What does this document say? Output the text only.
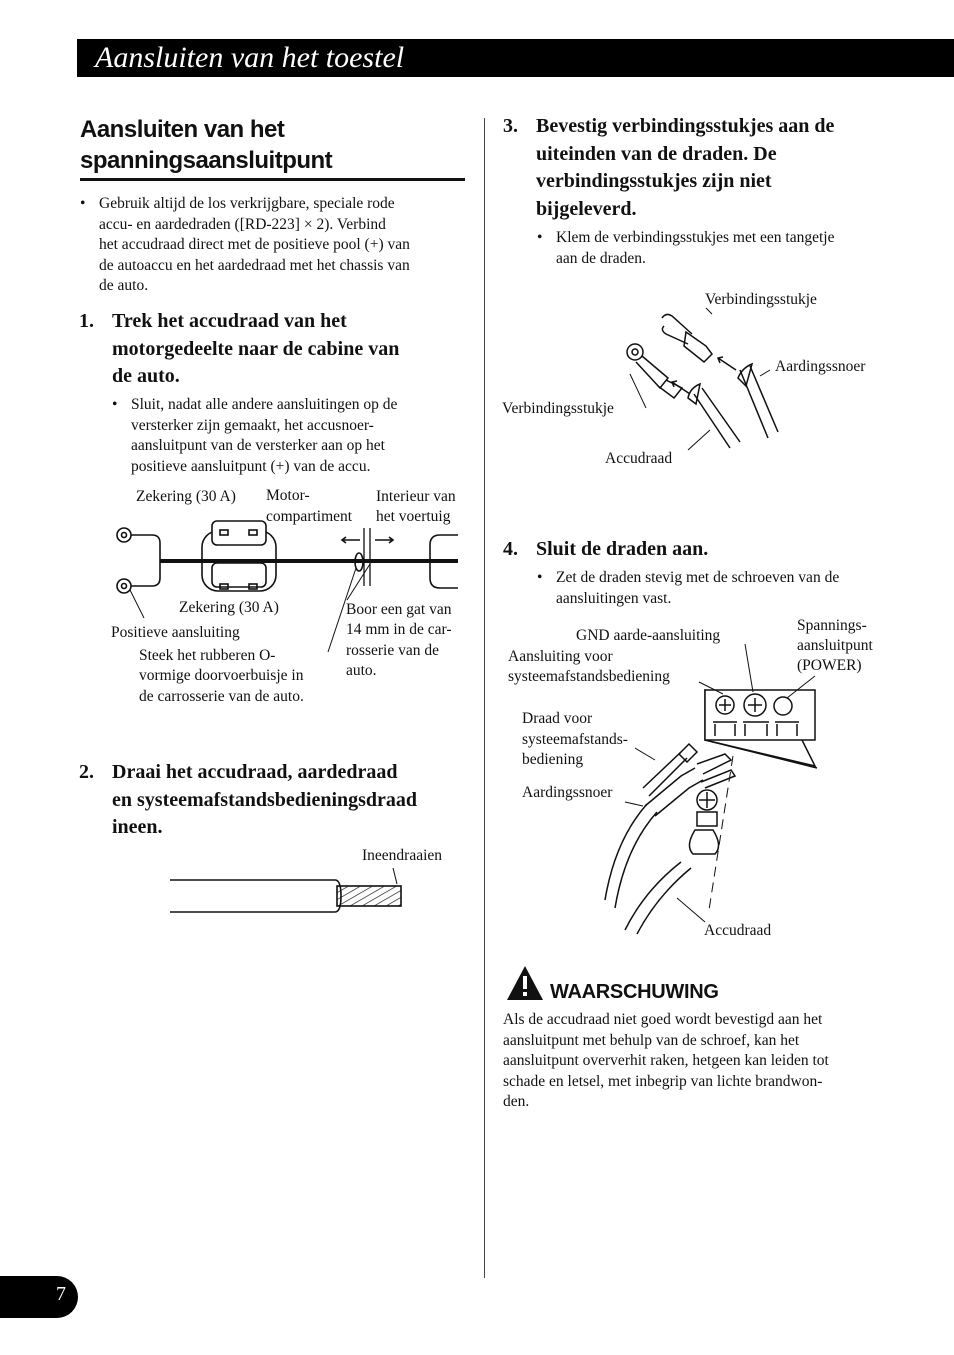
Aansluiten van het toestel
Aansluiten van het
spanningsaansluitpunt
• Gebruik altijd de los verkrijgbare, speciale rode
accu- en aardedraden ([RD-223] × 2). Verbind
het accudraad direct met de positieve pool (+) van
de autoaccu en het aardedraad met het chassis van
de auto.
1. Trek het accudraad van het
motorgedeelte naar de cabine van
de auto.
• Sluit, nadat alle andere aansluitingen op de
versterker zijn gemaakt, het accusnoer-
aansluitpunt van de versterker aan op het
positieve aansluitpunt (+) van de accu.
Zekering (30 A) Motor-
compartiment
Interieur van
het voertuig
Zekering (30 A)	Boor een gat van
14 mm in de car-
rosserie van de
auto.
Positieve aansluiting
Steek het rubberen O-
vormige doorvoerbuisje in
de carrosserie van de auto.
2. Draai het accudraad, aardedraad
en systeemafstandsbedieningsdraad
ineen.
Ineendraaien
3. Bevestig verbindingsstukjes aan de
uiteinden van de draden. De
verbindingsstukjes zijn niet
bijgeleverd.
• Klem de verbindingsstukjes met een tangetje
aan de draden.
Verbindingsstukje
Aardingssnoer
Verbindingsstukje
Accudraad
4. Sluit de draden aan.
• Zet de draden stevig met de schroeven van de
aansluitingen vast.
GND aarde-aansluiting
Spannings-
aansluitpunt
(POWER)
Aansluiting voor
systeemafstandsbediening
Draad voor
systeemafstands-
bediening
Aardingssnoer
Accudraad
WAARSCHUWING
Als de accudraad niet goed wordt bevestigd aan het
aansluitpunt met behulp van de schroef, kan het
aansluitpunt oververhit raken, hetgeen kan leiden tot
schade en letsel, met inbegrip van lichte brandwon-
den.
7
